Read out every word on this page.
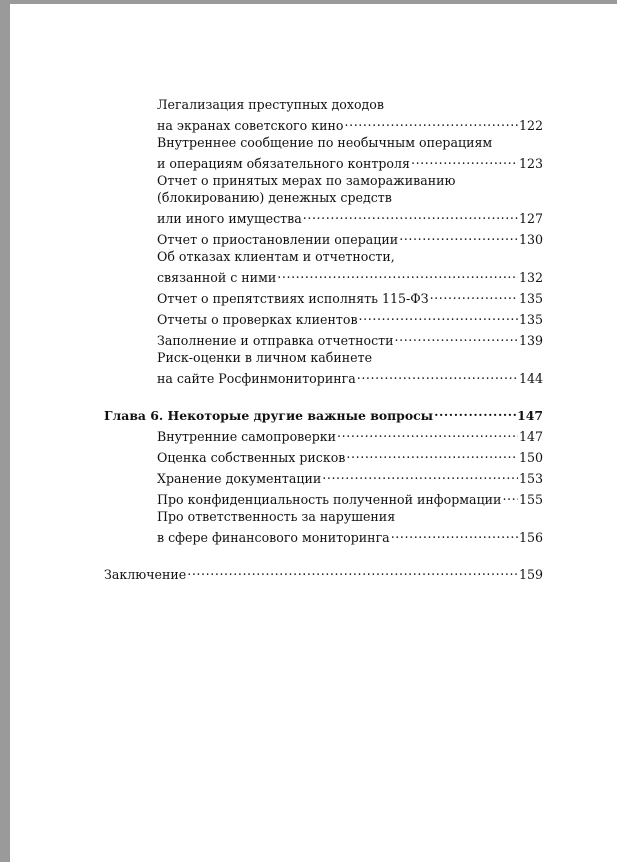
Легализация преступных доходов
на экранах советского кино .....	122
Внутреннее сообщение по необычным операциям
и операциям обязательного контроля .....	123
Отчет о принятых мерах по замораживанию
(блокированию) денежных средств
или иного имущества .....	127
Отчет о приостановлении операции .....	130
Об отказах клиентам и отчетности,
связанной с ними .....	132
Отчет о препятствиях исполнять 115-ФЗ .....	135
Отчеты о проверках клиентов .....	135
Заполнение и отправка отчетности .....	139
Риск-оценки в личном кабинете
на сайте Росфинмониторинга .....	144
Глава 6. Некоторые другие важные вопросы .....	147
Внутренние самопроверки .....	147
Оценка собственных рисков .....	150
Хранение документации .....	153
Про конфиденциальность полученной информации ..... 155
Про ответственность за нарушения
в сфере финансового мониторинга .....	156
Заключение .....	159
